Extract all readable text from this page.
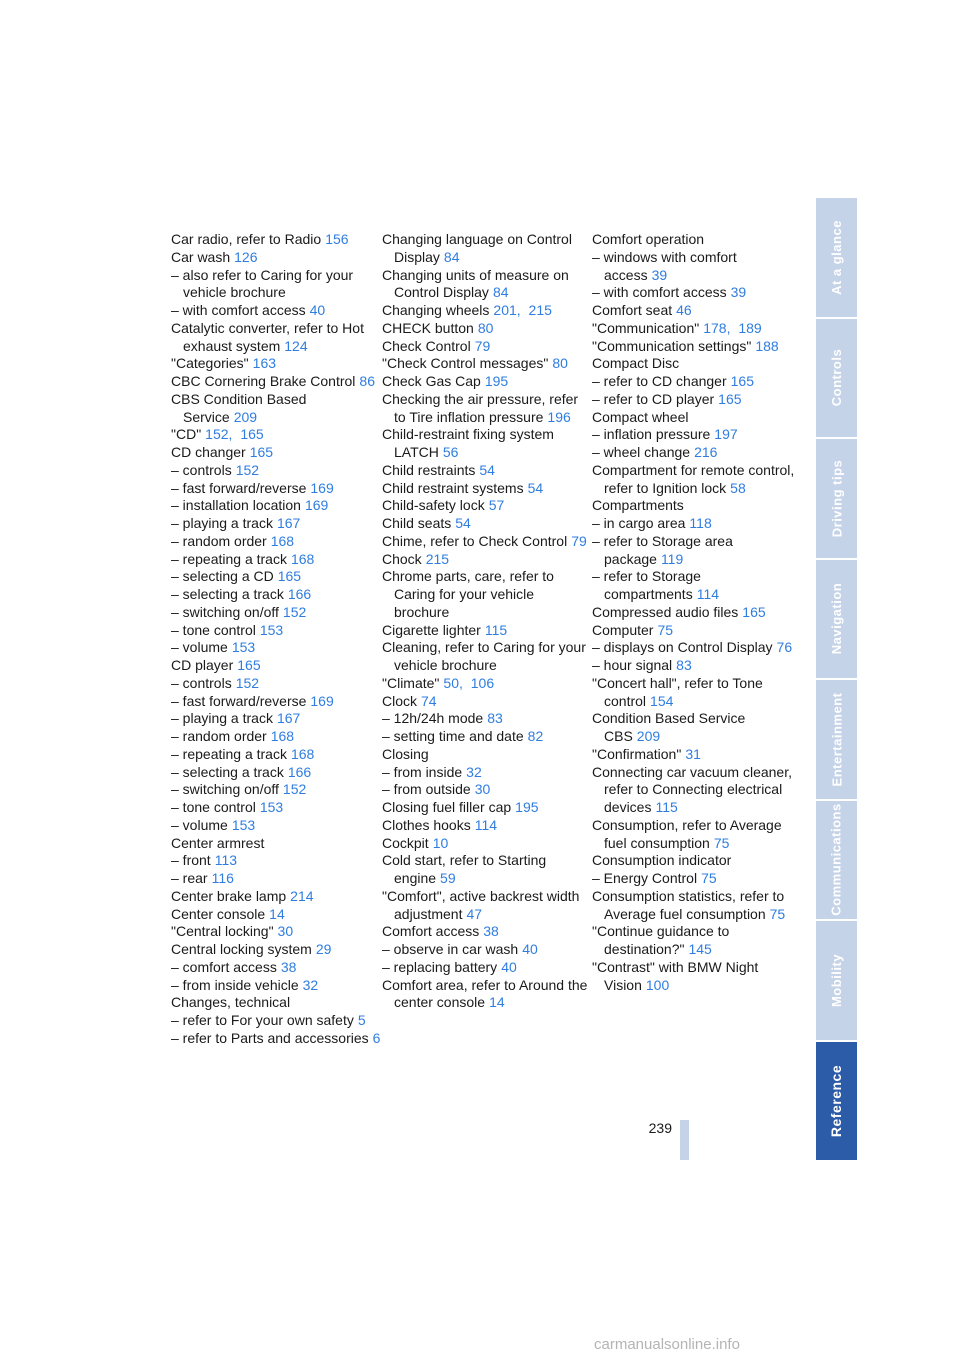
At a glance
Controls
Driving tips
Navigation
Entertainment
Communications
Mobility
Reference

Car radio, refer to Radio 156

Car wash 126

– also refer to Caring for your vehicle brochure

– with comfort access 40

Catalytic converter, refer to Hot exhaust system 124

"Categories" 163

CBC Cornering Brake Control 86

CBS Condition Based Service 209

"CD" 152, 165

CD changer 165

– controls 152

– fast forward/reverse 169

– installation location 169

– playing a track 167

– random order 168

– repeating a track 168

– selecting a CD 165

– selecting a track 166

– switching on/off 152

– tone control 153

– volume 153

CD player 165

– controls 152

– fast forward/reverse 169

– playing a track 167

– random order 168

– repeating a track 168

– selecting a track 166

– switching on/off 152

– tone control 153

– volume 153

Center armrest

– front 113

– rear 116

Center brake lamp 214

Center console 14

"Central locking" 30

Central locking system 29

– comfort access 38

– from inside vehicle 32

Changes, technical

– refer to For your own safety 5

– refer to Parts and accessories 6

Changing language on Control Display 84

Changing units of measure on Control Display 84

Changing wheels 201, 215

CHECK button 80

Check Control 79

"Check Control messages" 80

Check Gas Cap 195

Checking the air pressure, refer to Tire inflation pressure 196

Child-restraint fixing system LATCH 56

Child restraints 54

Child restraint systems 54

Child-safety lock 57

Child seats 54

Chime, refer to Check Control 79

Chock 215

Chrome parts, care, refer to Caring for your vehicle brochure

Cigarette lighter 115

Cleaning, refer to Caring for your vehicle brochure

"Climate" 50, 106

Clock 74

– 12h/24h mode 83

– setting time and date 82

Closing

– from inside 32

– from outside 30

Closing fuel filler cap 195

Clothes hooks 114

Cockpit 10

Cold start, refer to Starting engine 59

"Comfort", active backrest width adjustment 47

Comfort access 38

– observe in car wash 40

– replacing battery 40

Comfort area, refer to Around the center console 14

Comfort operation

– windows with comfort access 39

– with comfort access 39

Comfort seat 46

"Communication" 178, 189

"Communication settings" 188

Compact Disc

– refer to CD changer 165

– refer to CD player 165

Compact wheel

– inflation pressure 197

– wheel change 216

Compartment for remote control, refer to Ignition lock 58

Compartments

– in cargo area 118

– refer to Storage area package 119

– refer to Storage compartments 114

Compressed audio files 165

Computer 75

– displays on Control Display 76

– hour signal 83

"Concert hall", refer to Tone control 154

Condition Based Service CBS 209

"Confirmation" 31

Connecting car vacuum cleaner, refer to Connecting electrical devices 115

Consumption, refer to Average fuel consumption 75

Consumption indicator

– Energy Control 75

Consumption statistics, refer to Average fuel consumption 75

"Continue guidance to destination?" 145

"Contrast" with BMW Night Vision 100

239
carmanualsonline.info
